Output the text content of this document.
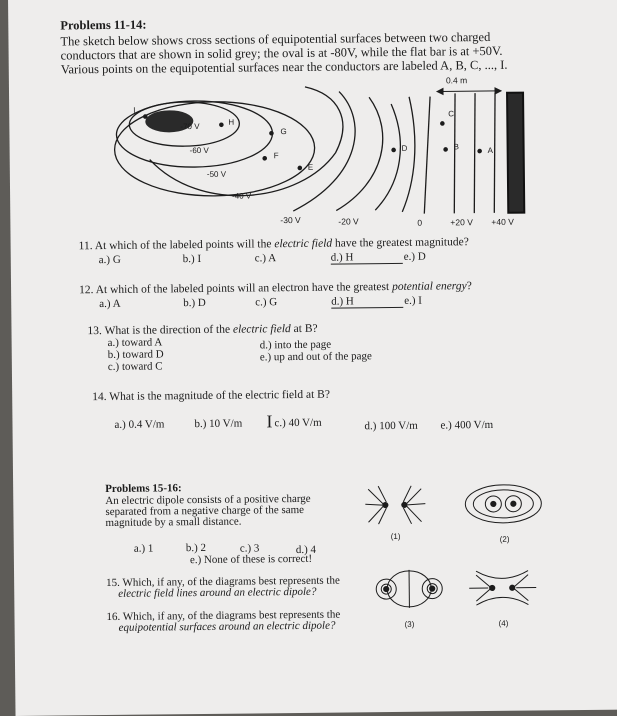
Problems 11-14:
The sketch below shows cross sections of equipotential surfaces between two charged
conductors that are shown in solid grey; the oval is at -80V, while the flat bar is at +50V.
Various points on the equipotential surfaces near the conductors are labeled A, B, C, ..., I.
0.4 m
-70 V
-60 V
-50 V
-40 V
-30 V	-20 V	0	+20 V +40 V
I
H
G
F
E
D
C
B	A
11. At which of the labeled points will the electric field have the greatest magnitude?
a.) G	b.) I	c.) A	d.) H	e.) D
12. At which of the labeled points will an electron have the greatest potential energy?
a.) A	b.) D	c.) G	d.) H	e.) I
13. What is the direction of the electric field at B?
a.) toward A
b.) toward D
c.) toward C
d.) into the page
e.) up and out of the page
14. What is the magnitude of the electric field at B?
a.) 0.4 V/m	b.) 10 V/m I c.) 40 V/m	d.) 100 V/m e.) 400 V/m
Problems 15-16:
An electric dipole consists of a positive charge
separated from a negative charge of the same
magnitude by a small distance.
a.) 1	b.) 2	c.) 3	d.) 4
e.) None of these is correct!
15. Which, if any, of the diagrams best represents the
electric field lines around an electric dipole?
16. Which, if any, of the diagrams best represents the
equipotential surfaces around an electric dipole?
(1)	(2)
(3)	(4)
